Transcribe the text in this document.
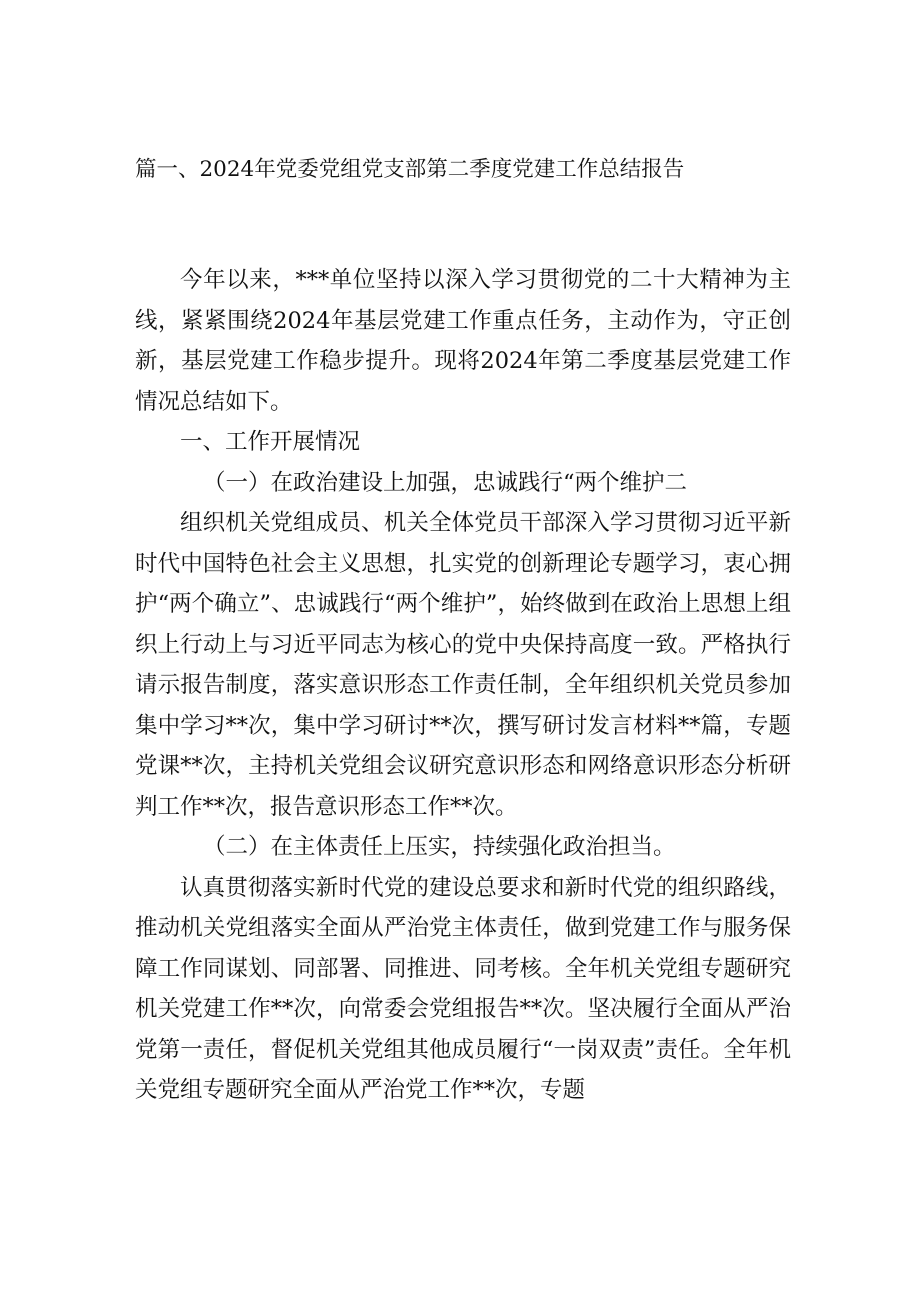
篇一、2024年党委党组党支部第二季度党建工作总结报告

今年以来，***单位坚持以深入学习贯彻党的二十大精神为主线，紧紧围绕2024年基层党建工作重点任务，主动作为，守正创新，基层党建工作稳步提升。现将2024年第二季度基层党建工作情况总结如下。

一、工作开展情况

（一）在政治建设上加强，忠诚践行“两个维护二

组织机关党组成员、机关全体党员干部深入学习贯彻习近平新时代中国特色社会主义思想，扎实党的创新理论专题学习，衷心拥护“两个确立”、忠诚践行“两个维护”，始终做到在政治上思想上组织上行动上与习近平同志为核心的党中央保持高度一致。严格执行请示报告制度，落实意识形态工作责任制，全年组织机关党员参加集中学习**次，集中学习研讨**次，撰写研讨发言材料**篇，专题党课**次，主持机关党组会议研究意识形态和网络意识形态分析研判工作**次，报告意识形态工作**次。

（二）在主体责任上压实，持续强化政治担当。

认真贯彻落实新时代党的建设总要求和新时代党的组织路线，推动机关党组落实全面从严治党主体责任，做到党建工作与服务保障工作同谋划、同部署、同推进、同考核。全年机关党组专题研究机关党建工作**次，向常委会党组报告**次。坚决履行全面从严治党第一责任，督促机关党组其他成员履行“一岗双责”责任。全年机关党组专题研究全面从严治党工作**次，专题
